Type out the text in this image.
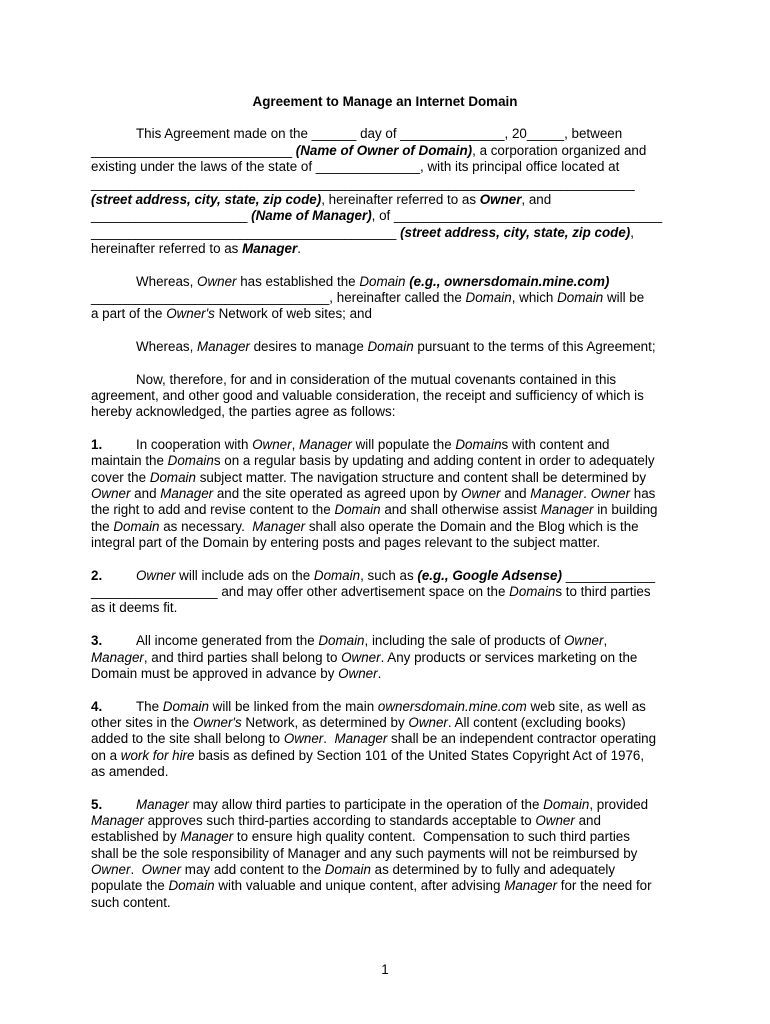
Agreement to Manage an Internet Domain
This Agreement made on the ______ day of ______________, 20_____, between
___________________________ (Name of Owner of Domain), a corporation organized and
existing under the laws of the state of ______________, with its principal office located at
_________________________________________________________________________
(street address, city, state, zip code), hereinafter referred to as Owner, and
_____________________ (Name of Manager), of ____________________________________
_________________________________________ (street address, city, state, zip code),
hereinafter referred to as Manager.
Whereas, Owner has established the Domain (e.g., ownersdomain.mine.com)
________________________________, hereinafter called the Domain, which Domain will be
a part of the Owner's Network of web sites; and
Whereas, Manager desires to manage Domain pursuant to the terms of this Agreement;
Now, therefore, for and in consideration of the mutual covenants contained in this
agreement, and other good and valuable consideration, the receipt and sufficiency of which is
hereby acknowledged, the parties agree as follows:
1.	In cooperation with Owner, Manager will populate the Domains with content and
maintain the Domains on a regular basis by updating and adding content in order to adequately
cover the Domain subject matter. The navigation structure and content shall be determined by
Owner and Manager and the site operated as agreed upon by Owner and Manager. Owner has
the right to add and revise content to the Domain and shall otherwise assist Manager in building
the Domain as necessary.  Manager shall also operate the Domain and the Blog which is the
integral part of the Domain by entering posts and pages relevant to the subject matter.
2.	Owner will include ads on the Domain, such as (e.g., Google Adsense) ____________
_________________ and may offer other advertisement space on the Domains to third parties
as it deems fit.
3.	All income generated from the Domain, including the sale of products of Owner,
Manager, and third parties shall belong to Owner. Any products or services marketing on the
Domain must be approved in advance by Owner.
4.	The Domain will be linked from the main ownersdomain.mine.com web site, as well as
other sites in the Owner's Network, as determined by Owner. All content (excluding books)
added to the site shall belong to Owner.  Manager shall be an independent contractor operating
on a work for hire basis as defined by Section 101 of the United States Copyright Act of 1976,
as amended.
5.	Manager may allow third parties to participate in the operation of the Domain, provided
Manager approves such third-parties according to standards acceptable to Owner and
established by Manager to ensure high quality content.  Compensation to such third parties
shall be the sole responsibility of Manager and any such payments will not be reimbursed by
Owner.  Owner may add content to the Domain as determined by to fully and adequately
populate the Domain with valuable and unique content, after advising Manager for the need for
such content.
1
